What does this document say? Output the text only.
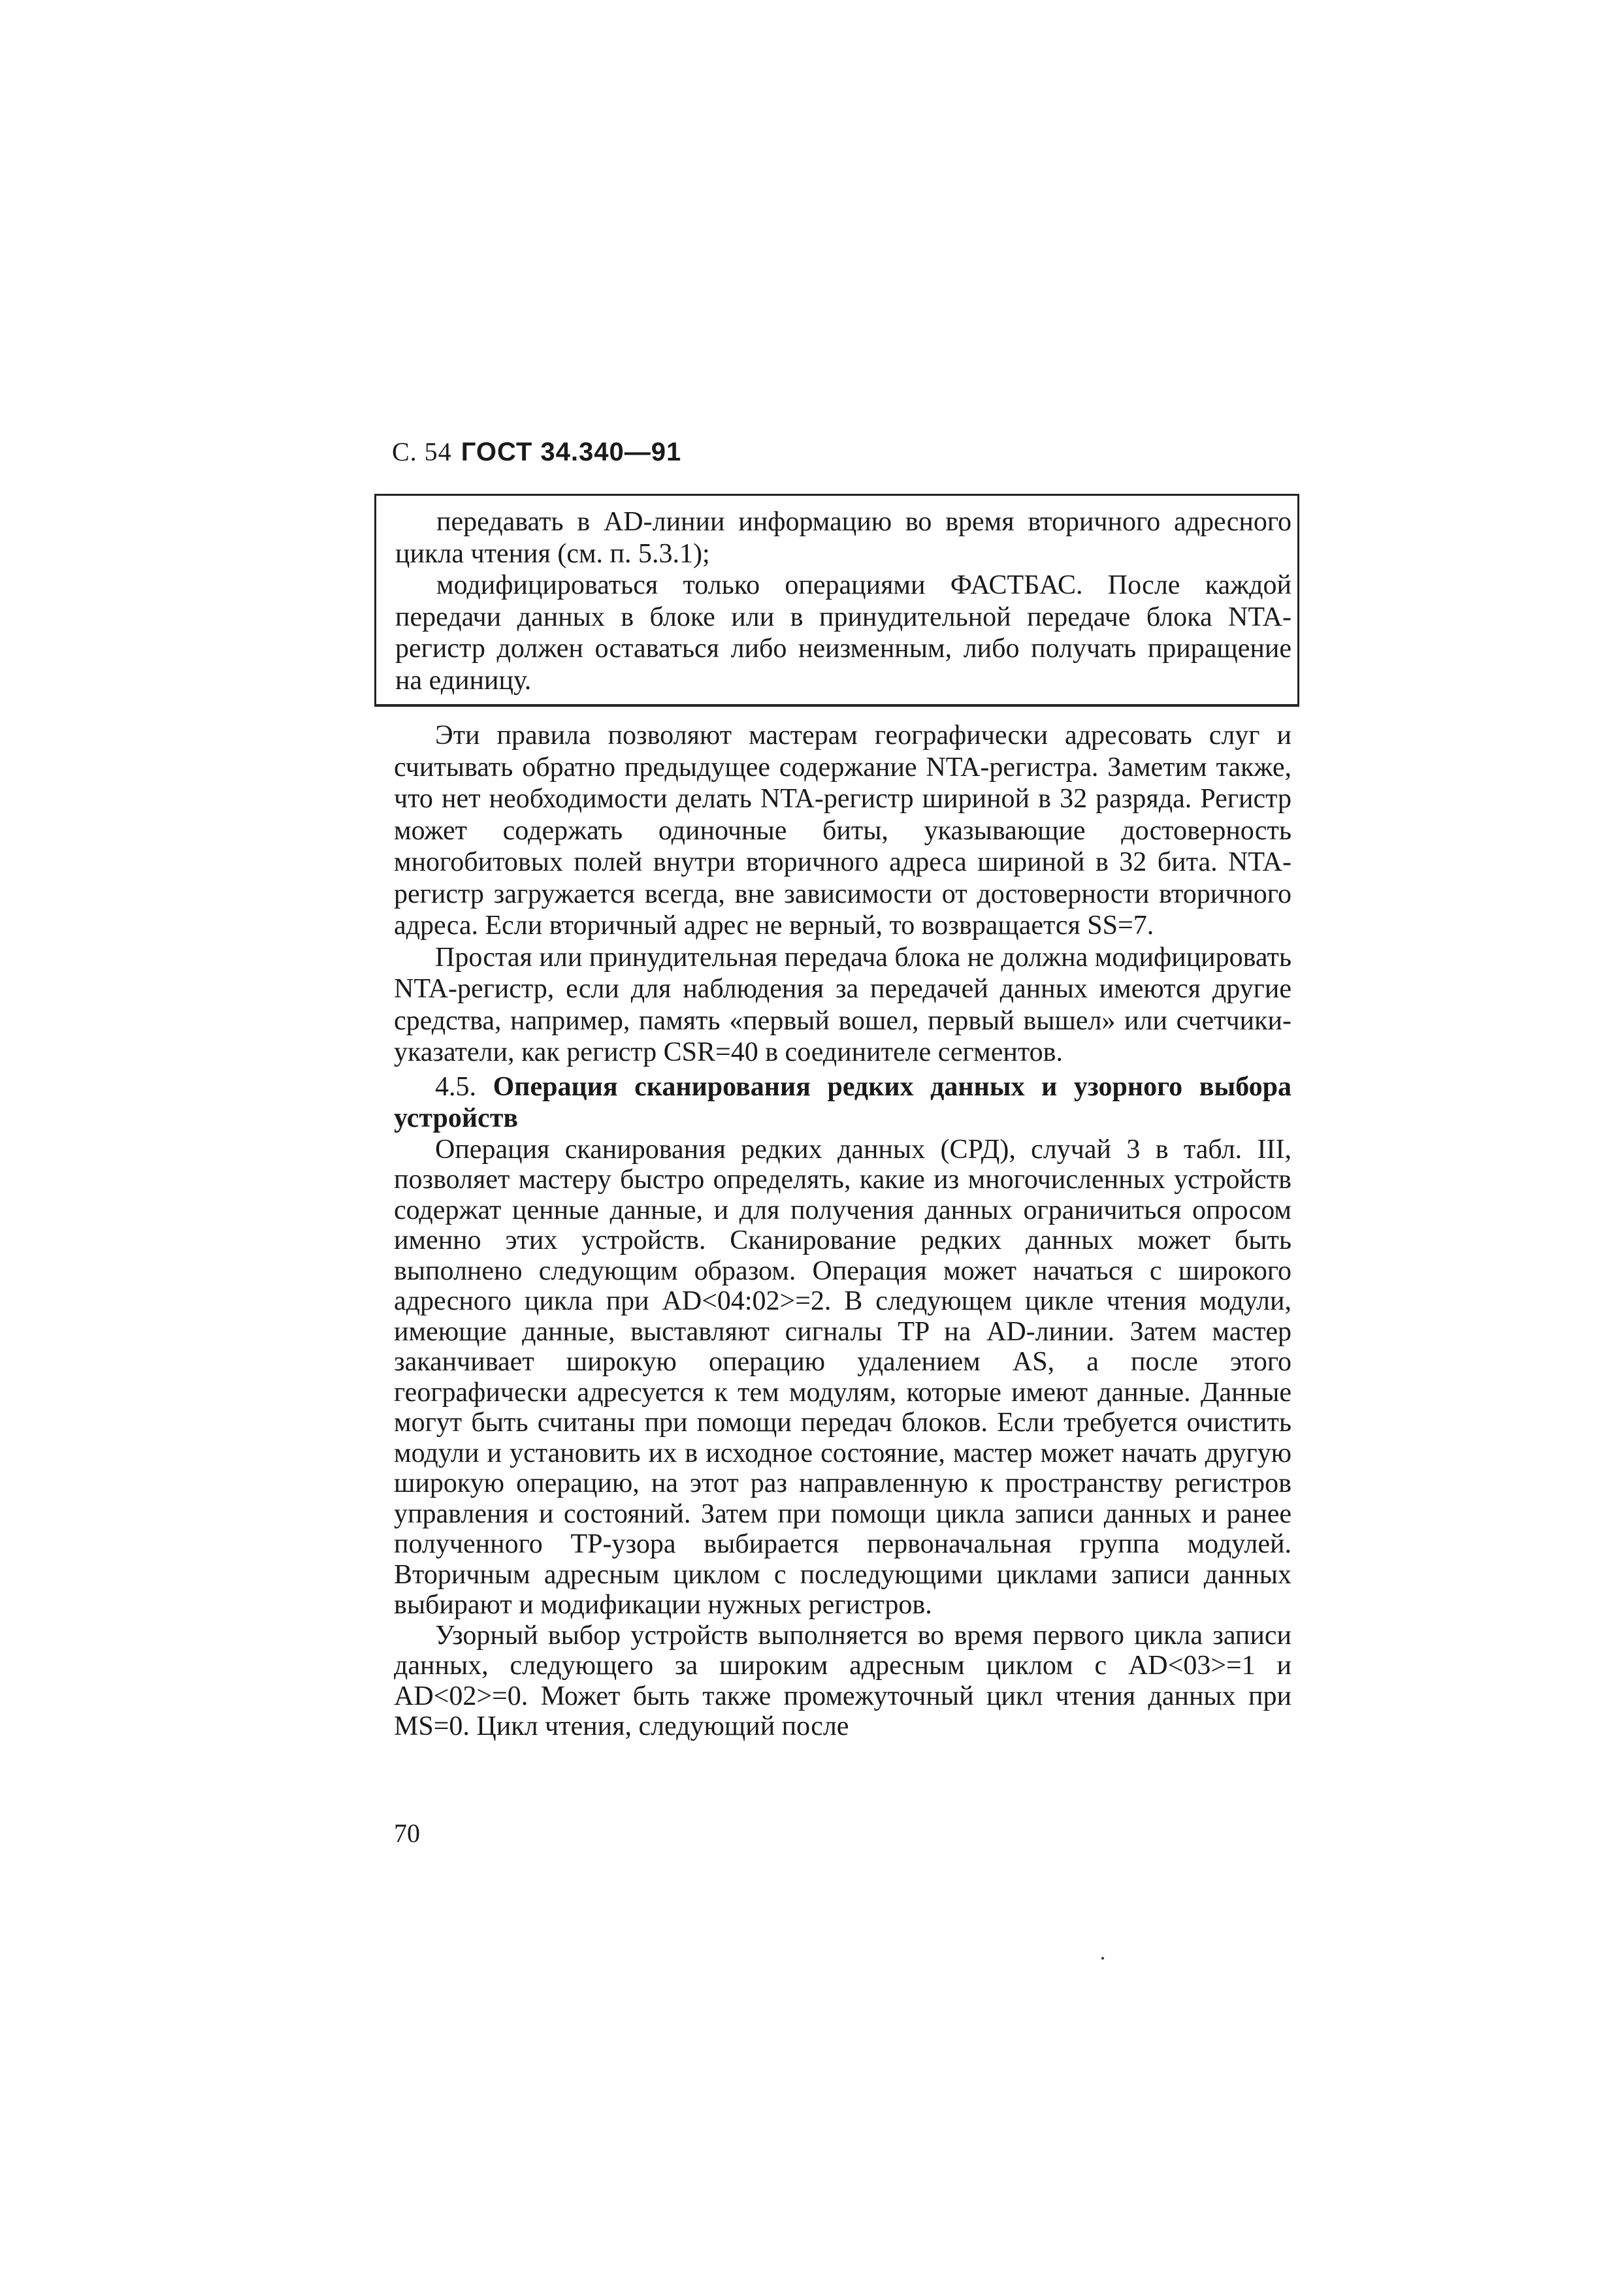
С. 54 ГОСТ 34.340—91

передавать в AD-линии информацию во время вторичного адресного цикла чтения (см. п. 5.3.1);

модифицироваться только операциями ФАСТБАС. После каждой передачи данных в блоке или в принудительной передаче блока NTA-регистр должен оставаться либо неизменным, либо получать приращение на единицу.

Эти правила позволяют мастерам географически адресовать слуг и считывать обратно предыдущее содержание NTA-регистра. Заметим также, что нет необходимости делать NTA-регистр шириной в 32 разряда. Регистр может содержать одиночные биты, указывающие достоверность многобитовых полей внутри вторичного адреса шириной в 32 бита. NTA-регистр загружается всегда, вне зависимости от достоверности вторичного адреса. Если вторичный адрес не верный, то возвращается SS=7.

Простая или принудительная передача блока не должна модифицировать NTA-регистр, если для наблюдения за передачей данных имеются другие средства, например, память «первый вошел, первый вышел» или счетчики-указатели, как регистр CSR=40 в соединителе сегментов.

4.5. Операция сканирования редких данных и узорного выбора устройств

Операция сканирования редких данных (СРД), случай 3 в табл. III, позволяет мастеру быстро определять, какие из многочисленных устройств содержат ценные данные, и для получения данных ограничиться опросом именно этих устройств. Сканирование редких данных может быть выполнено следующим образом. Операция может начаться с широкого адресного цикла при AD<04:02>=2. В следующем цикле чтения модули, имеющие данные, выставляют сигналы TP на AD-линии. Затем мастер заканчивает широкую операцию удалением AS, а после этого географически адресуется к тем модулям, которые имеют данные. Данные могут быть считаны при помощи передач блоков. Если требуется очистить модули и установить их в исходное состояние, мастер может начать другую широкую операцию, на этот раз направленную к пространству регистров управления и состояний. Затем при помощи цикла записи данных и ранее полученного TP-узора выбирается первоначальная группа модулей. Вторичным адресным циклом с последующими циклами записи данных выбирают и модификации нужных регистров.

Узорный выбор устройств выполняется во время первого цикла записи данных, следующего за широким адресным циклом с AD<03>=1 и AD<02>=0. Может быть также промежуточный цикл чтения данных при MS=0. Цикл чтения, следующий после

70
